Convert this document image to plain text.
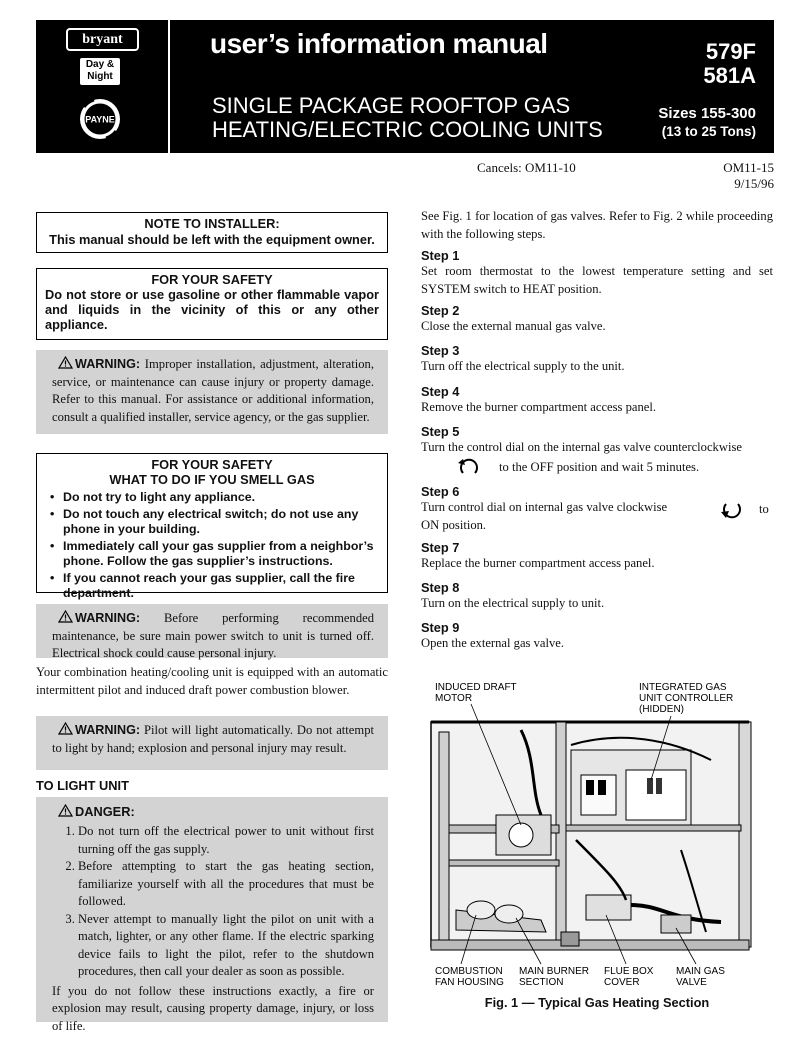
bryant
Day &
Night
PAYNE
user’s information manual
SINGLE PACKAGE ROOFTOP GAS
HEATING/ELECTRIC COOLING UNITS
579F
581A
Sizes 155-300
(13 to 25 Tons)
Cancels: OM11-10	OM11-15
9/15/96
NOTE TO INSTALLER:
This manual should be left with the equipment owner.
FOR YOUR SAFETY
Do not store or use gasoline or other flammable vapor and liquids in the vicinity of this or any other appliance.
WARNING: Improper installation, adjustment, alteration, service, or maintenance can cause injury or property damage. Refer to this manual. For assistance or additional information, consult a qualified installer, service agency, or the gas supplier.
FOR YOUR SAFETY
WHAT TO DO IF YOU SMELL GAS
• Do not try to light any appliance.
• Do not touch any electrical switch; do not use any phone in your building.
• Immediately call your gas supplier from a neighbor’s phone. Follow the gas supplier’s instructions.
• If you cannot reach your gas supplier, call the fire department.
WARNING: Before performing recommended maintenance, be sure main power switch to unit is turned off. Electrical shock could cause personal injury.
Your combination heating/cooling unit is equipped with an automatic intermittent pilot and induced draft power combustion blower.
WARNING: Pilot will light automatically. Do not attempt to light by hand; explosion and personal injury may result.
TO LIGHT UNIT
DANGER:
1. Do not turn off the electrical power to unit without first turning off the gas supply.
2. Before attempting to start the gas heating section, familiarize yourself with all the procedures that must be followed.
3. Never attempt to manually light the pilot on unit with a match, lighter, or any other flame. If the electric sparking device fails to light the pilot, refer to the shutdown procedures, then call your dealer as soon as possible.
If you do not follow these instructions exactly, a fire or explosion may result, causing property damage, injury, or loss of life.
See Fig. 1 for location of gas valves. Refer to Fig. 2 while proceeding with the following steps.
Step 1
Set room thermostat to the lowest temperature setting and set SYSTEM switch to HEAT position.
Step 2
Close the external manual gas valve.
Step 3
Turn off the electrical supply to the unit.
Step 4
Remove the burner compartment access panel.
Step 5
Turn the control dial on the internal gas valve counterclockwise
to the OFF position and wait 5 minutes.
Step 6
Turn control dial on internal gas valve clockwise
ON position.
to
Step 7
Replace the burner compartment access panel.
Step 8
Turn on the electrical supply to unit.
Step 9
Open the external gas valve.
INDUCED DRAFT
MOTOR
INTEGRATED GAS
UNIT CONTROLLER
(HIDDEN)
COMBUSTION
FAN HOUSING
MAIN BURNER
SECTION
FLUE BOX
COVER
MAIN GAS
VALVE
Fig. 1 — Typical Gas Heating Section
